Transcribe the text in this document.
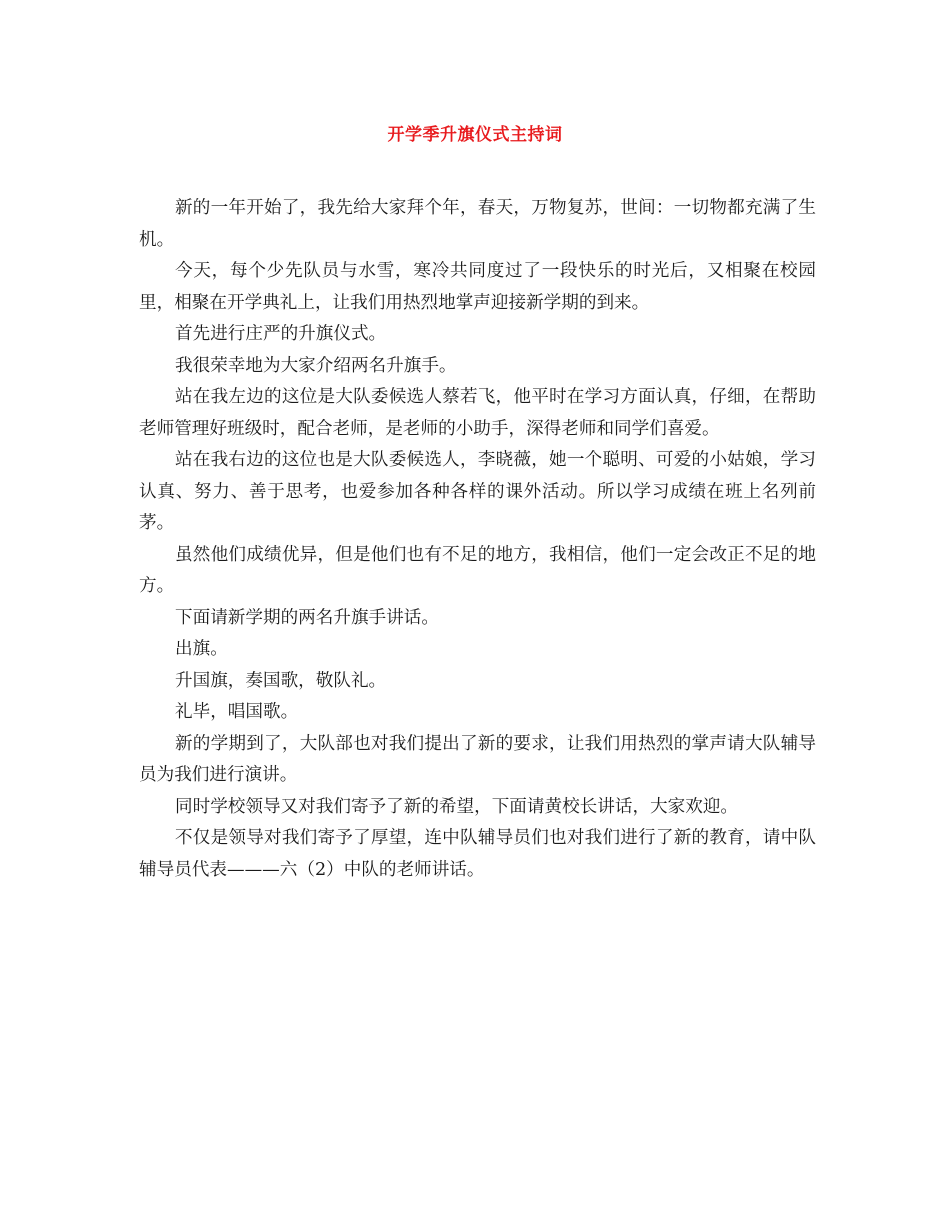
开学季升旗仪式主持词

新的一年开始了，我先给大家拜个年，春天，万物复苏，世间：一切物都充满了生机。

今天，每个少先队员与水雪，寒冷共同度过了一段快乐的时光后，又相聚在校园里，相聚在开学典礼上，让我们用热烈地掌声迎接新学期的到来。

首先进行庄严的升旗仪式。

我很荣幸地为大家介绍两名升旗手。

站在我左边的这位是大队委候选人蔡若飞，他平时在学习方面认真，仔细，在帮助老师管理好班级时，配合老师，是老师的小助手，深得老师和同学们喜爱。

站在我右边的这位也是大队委候选人，李晓薇，她一个聪明、可爱的小姑娘，学习认真、努力、善于思考，也爱参加各种各样的课外活动。所以学习成绩在班上名列前茅。

虽然他们成绩优异，但是他们也有不足的地方，我相信，他们一定会改正不足的地方。

下面请新学期的两名升旗手讲话。

出旗。

升国旗，奏国歌，敬队礼。

礼毕，唱国歌。

新的学期到了，大队部也对我们提出了新的要求，让我们用热烈的掌声请大队辅导员为我们进行演讲。

同时学校领导又对我们寄予了新的希望，下面请黄校长讲话，大家欢迎。

不仅是领导对我们寄予了厚望，连中队辅导员们也对我们进行了新的教育，请中队辅导员代表———六（2）中队的老师讲话。
